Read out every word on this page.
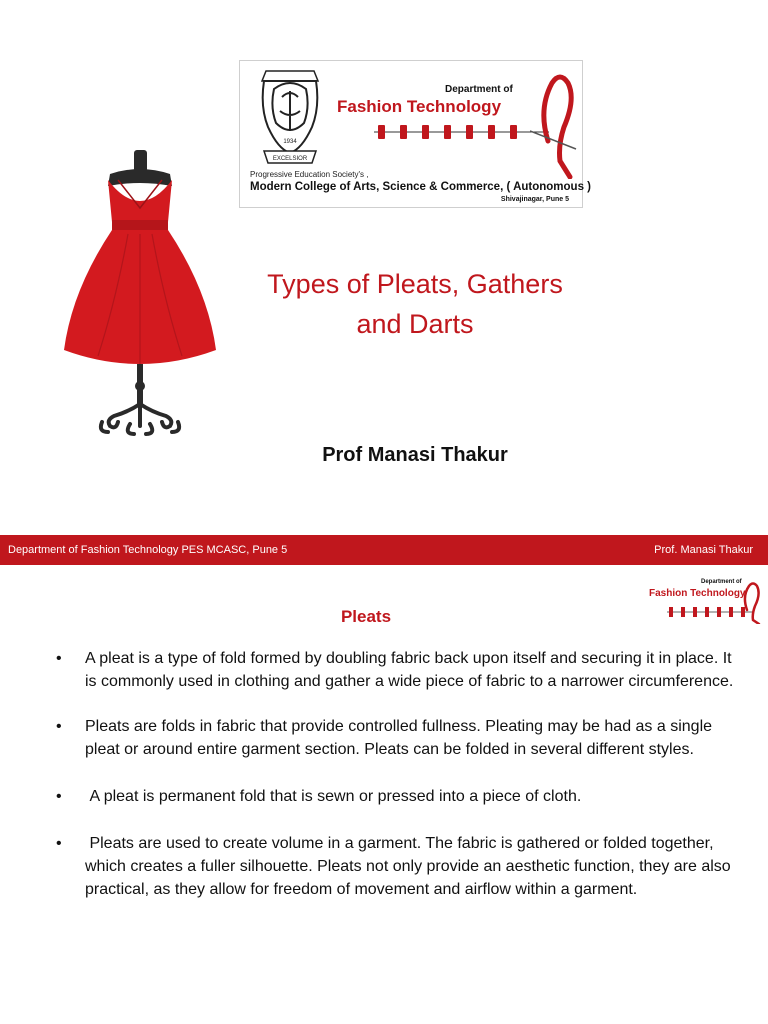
1934
EXCELSIOR
Department of
Fashion Technology
Progressive Education Society's ,
Modern College of Arts, Science & Commerce, ( Autonomous )
Shivajinagar, Pune 5
Types of Pleats, Gathers
and Darts
Prof Manasi Thakur
Department of Fashion Technology PES MCASC, Pune 5	Prof. Manasi Thakur
Department of
Fashion Technology
Pleats
• A pleat is a type of fold formed by doubling fabric back upon itself and securing it in place. It is commonly used in clothing and gather a wide piece of fabric to a narrower circumference.
• Pleats are folds in fabric that provide controlled fullness. Pleating may be had as a single pleat or around entire garment section. Pleats can be folded in several different styles.
• A pleat is permanent fold that is sewn or pressed into a piece of cloth.
• Pleats are used to create volume in a garment. The fabric is gathered or folded together, which creates a fuller silhouette. Pleats not only provide an aesthetic function, they are also practical, as they allow for freedom of movement and airflow within a garment.
